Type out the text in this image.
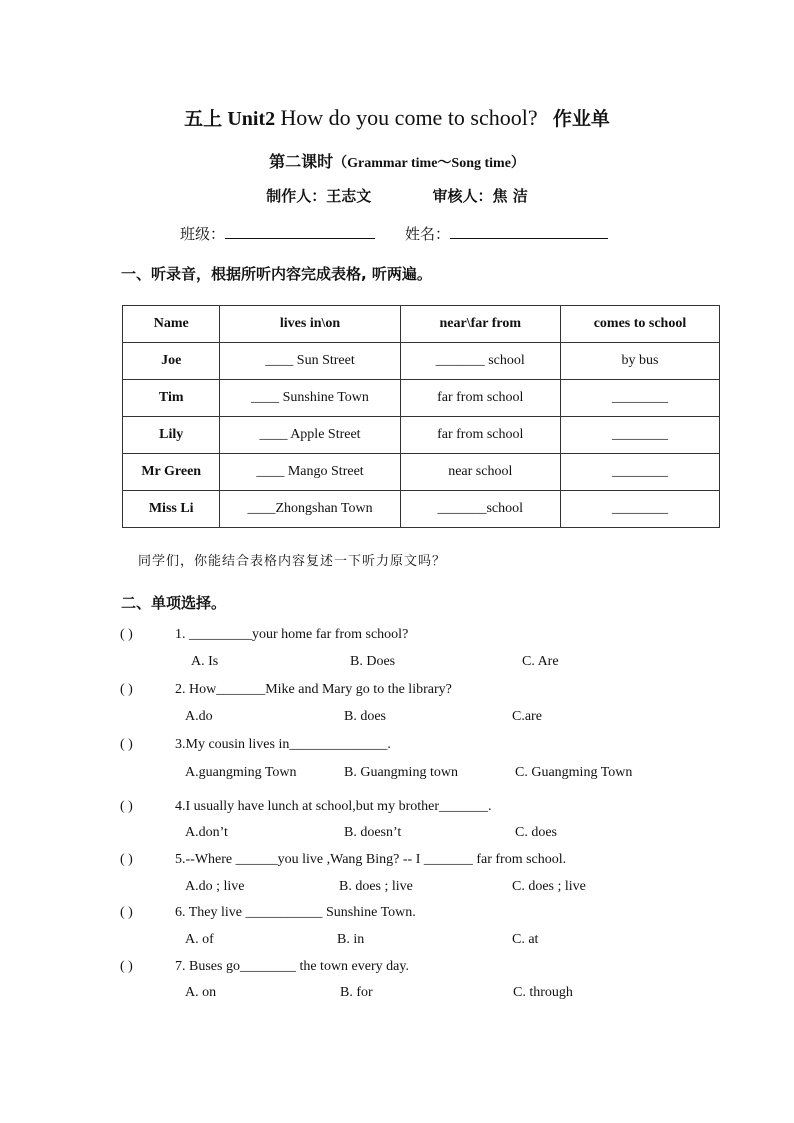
五上 Unit2 How do you come to school? 作业单
第二课时（Grammar time～Song time）
制作人：王志文	审核人：焦 洁
班级：	姓名：
一、听录音，根据所听内容完成表格, 听两遍。
Name	lives in\on	near\far from	comes to school
Joe	____ Sun Street	_______ school	by bus
Tim	____ Sunshine Town	far from school	________
Lily	____ Apple Street	far from school	________
Mr Green	____ Mango Street	near school	________
Miss Li	____Zhongshan Town	_______school	________
同学们，你能结合表格内容复述一下听力原文吗？
二、单项选择。
( )	1. _________your home far from school?
A. Is	B. Does	C. Are
( )	2. How_______Mike and Mary go to the library?
A.do	B. does	C.are
( )	3.My cousin lives in______________.
A.guangming Town	B. Guangming town	C. Guangming Town
( )	4.I usually have lunch at school,but my brother_______.
A.don’t	B. doesn’t	C. does
( )	5.--Where ______you live ,Wang Bing? -- I _______ far from school.
A.do ; live	B. does ; live	C. does ; live
( )	6. They live ___________ Sunshine Town.
A. of	B. in	C. at
( )	7. Buses go________ the town every day.
A. on	B. for	C. through
